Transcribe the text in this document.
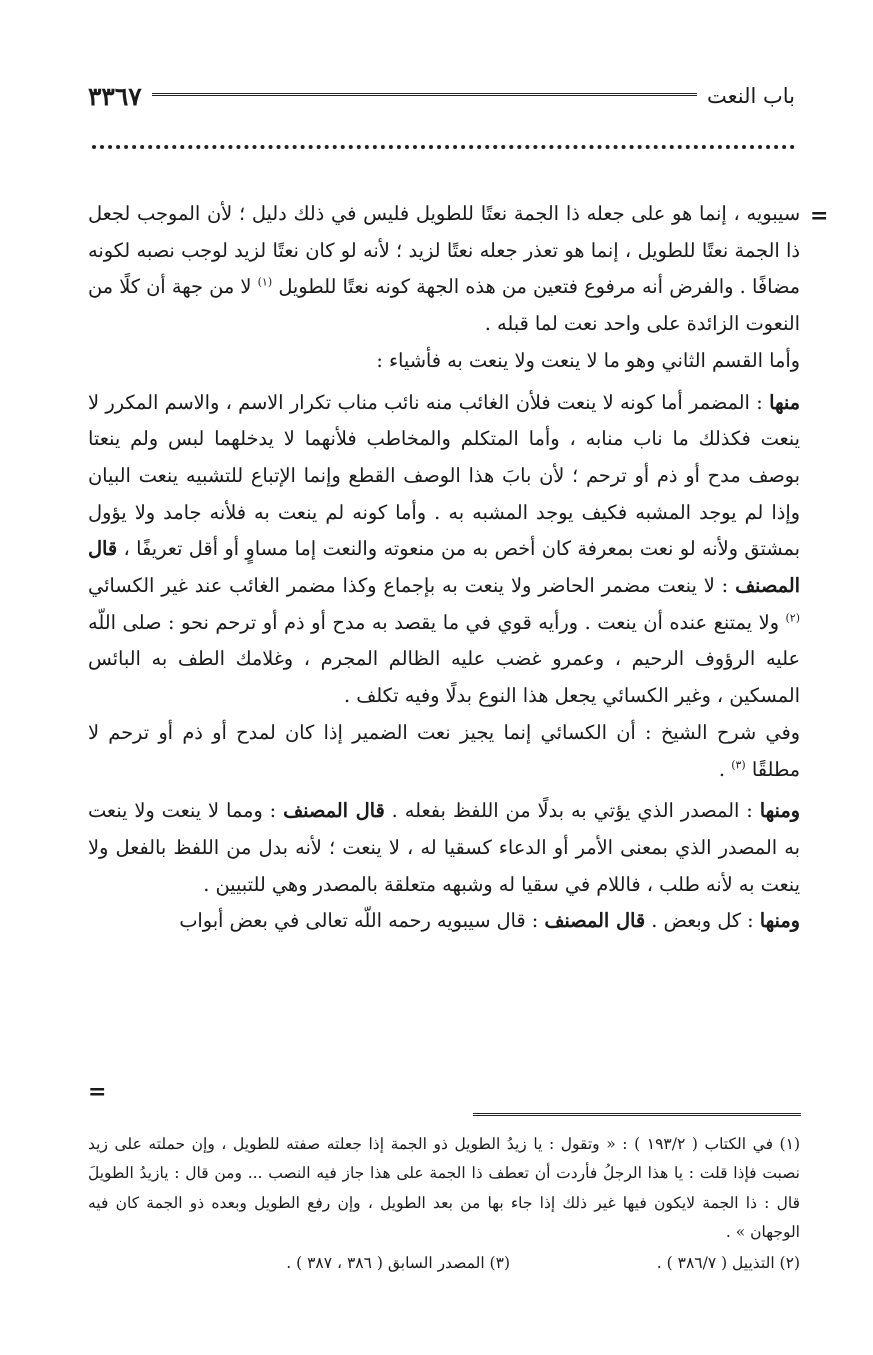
٣٣٦٧	باب النعت
=

سيبويه ، إنما هو على جعله ذا الجمة نعتًا للطويل فليس في ذلك دليل ؛ لأن الموجب لجعل ذا الجمة نعتًا للطويل ، إنما هو تعذر جعله نعتًا لزيد ؛ لأنه لو كان نعتًا لزيد لوجب نصبه لكونه مضافًا . والفرض أنه مرفوع فتعين من هذه الجهة كونه نعتًا للطويل $^{(١)}$ لا من جهة أن كلًا من النعوت الزائدة على واحد نعت لما قبله .

وأما القسم الثاني وهو ما لا ينعت ولا ينعت به فأشياء :

منها : المضمر أما كونه لا ينعت فلأن الغائب منه نائب مناب تكرار الاسم ، والاسم المكرر لا ينعت فكذلك ما ناب منابه ، وأما المتكلم والمخاطب فلأنهما لا يدخلهما لبس ولم ينعتا بوصف مدح أو ذم أو ترحم ؛ لأن بابَ هذا الوصف القطع وإنما الإتباع للتشبيه ينعت البيان وإذا لم يوجد المشبه فكيف يوجد المشبه به . وأما كونه لم ينعت به فلأنه جامد ولا يؤول بمشتق ولأنه لو نعت بمعرفة كان أخص به من منعوته والنعت إما مساوٍ أو أقل تعريفًا ، قال المصنف : لا ينعت مضمر الحاضر ولا ينعت به بإجماع وكذا مضمر الغائب عند غير الكسائي $^{(٢)}$ ولا يمتنع عنده أن ينعت . ورأيه قوي في ما يقصد به مدح أو ذم أو ترحم نحو : صلى اللّه عليه الرؤوف الرحيم ، وعمرو غضب عليه الظالم المجرم ، وغلامك الطف به البائس المسكين ، وغير الكسائي يجعل هذا النوع بدلًا وفيه تكلف .

وفي شرح الشيخ : أن الكسائي إنما يجيز نعت الضمير إذا كان لمدح أو ذم أو ترحم لا مطلقًا $^{(٣)}$ .

ومنها : المصدر الذي يؤتي به بدلًا من اللفظ بفعله . قال المصنف : ومما لا ينعت ولا ينعت به المصدر الذي بمعنى الأمر أو الدعاء كسقيا له ، لا ينعت ؛ لأنه بدل من اللفظ بالفعل ولا ينعت به لأنه طلب ، فاللام في سقيا له وشبهه متعلقة بالمصدر وهي للتبيين .

ومنها : كل وبعض . قال المصنف : قال سيبويه رحمه اللّه تعالى في بعض أبواب

=

(١) في الكتاب ( ١٩٣/٢ ) : « وتقول : يا زيدُ الطويل ذو الجمة إذا جعلته صفته للطويل ، وإن حملته على زيد نصبت فإذا قلت : يا هذا الرجلُ فأردت أن تعطف ذا الجمة على هذا جاز فيه النصب ... ومن قال : يازيدُ الطويلَ قال : ذا الجمة لايكون فيها غير ذلك إذا جاء بها من بعد الطويل ، وإن رفع الطويل وبعده ذو الجمة كان فيه الوجهان » .

(٢) التذييل ( ٣٨٦/٧ ) .
(٣) المصدر السابق ( ٣٨٦ ، ٣٨٧ ) .
